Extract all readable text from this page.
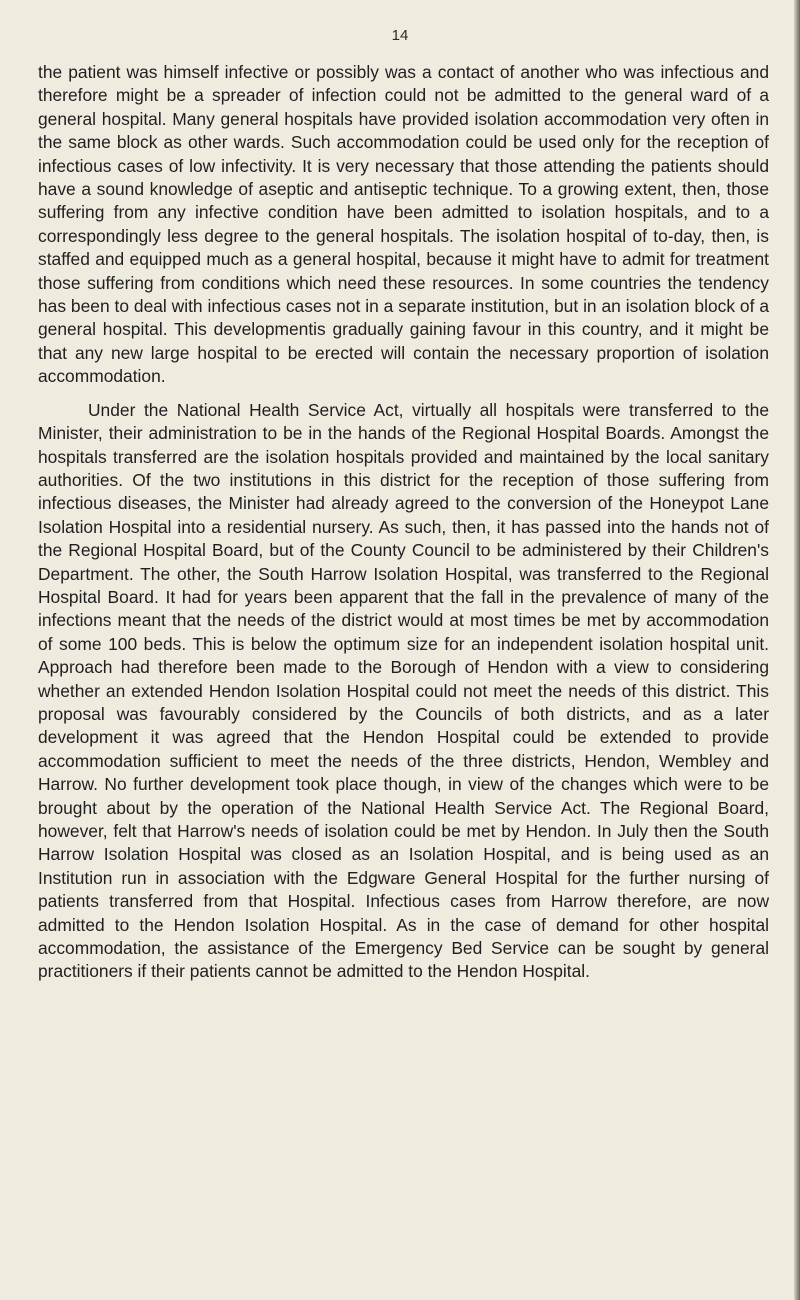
14

the patient was himself infective or possibly was a contact of another who was infectious and therefore might be a spreader of infection could not be admitted to the general ward of a general hospital. Many general hospitals have provided isolation accommodation very often in the same block as other wards. Such accommodation could be used only for the reception of infectious cases of low infectivity. It is very necessary that those attending the patients should have a sound knowledge of aseptic and antiseptic technique. To a growing extent, then, those suffering from any infective condition have been admitted to isolation hospitals, and to a correspondingly less degree to the general hospitals. The isolation hospital of to-day, then, is staffed and equipped much as a general hospital, because it might have to admit for treatment those suffering from conditions which need these resources. In some countries the tendency has been to deal with infectious cases not in a separate institution, but in an isolation block of a general hospital. This developmentis gradually gaining favour in this country, and it might be that any new large hospital to be erected will contain the necessary proportion of isolation accommodation.

Under the National Health Service Act, virtually all hospitals were transferred to the Minister, their administration to be in the hands of the Regional Hospital Boards. Amongst the hospitals transferred are the isolation hospitals provided and maintained by the local sanitary authorities. Of the two institutions in this district for the reception of those suffering from infectious diseases, the Minister had already agreed to the conversion of the Honeypot Lane Isolation Hospital into a residential nursery. As such, then, it has passed into the hands not of the Regional Hospital Board, but of the County Council to be administered by their Children's Department. The other, the South Harrow Isolation Hospital, was transferred to the Regional Hospital Board. It had for years been apparent that the fall in the prevalence of many of the infections meant that the needs of the district would at most times be met by accommodation of some 100 beds. This is below the optimum size for an independent isolation hospital unit. Approach had therefore been made to the Borough of Hendon with a view to considering whether an extended Hendon Isolation Hospital could not meet the needs of this district. This proposal was favourably considered by the Councils of both districts, and as a later development it was agreed that the Hendon Hospital could be extended to provide accommodation sufficient to meet the needs of the three districts, Hendon, Wembley and Harrow. No further development took place though, in view of the changes which were to be brought about by the operation of the National Health Service Act. The Regional Board, however, felt that Harrow's needs of isolation could be met by Hendon. In July then the South Harrow Isolation Hospital was closed as an Isolation Hospital, and is being used as an Institution run in association with the Edgware General Hospital for the further nursing of patients transferred from that Hospital. Infectious cases from Harrow therefore, are now admitted to the Hendon Isolation Hospital. As in the case of demand for other hospital accommodation, the assistance of the Emergency Bed Service can be sought by general practitioners if their patients cannot be admitted to the Hendon Hospital.
